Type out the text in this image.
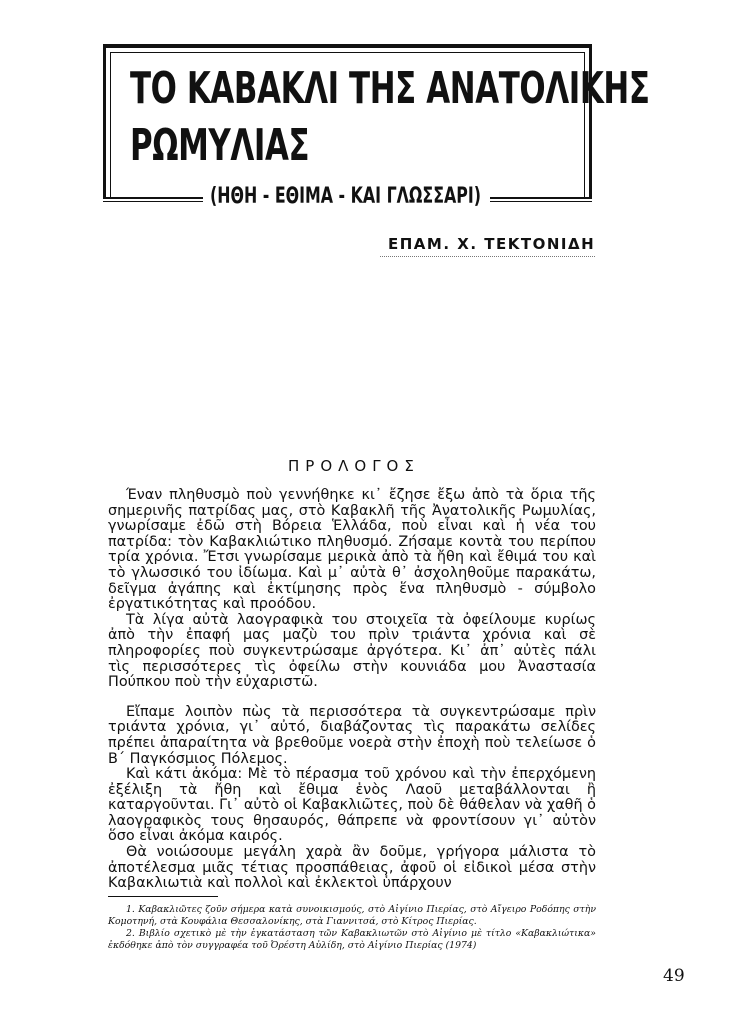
ΤΟ ΚΑΒΑΚΛΙ ΤΗΣ ΑΝΑΤΟΛΙΚΗΣ
ΡΩΜΥΛΙΑΣ
(ΗΘΗ - ΕΘΙΜΑ - ΚΑΙ ΓΛΩΣΣΑΡΙ)
ΕΠΑΜ. Χ. ΤΕΚΤΟΝΙΔΗ
ΠΡΟΛΟΓΟΣ

Έναν πληθυσμὸ ποὺ γεννήθηκε κι᾽ ἔζησε ἔξω ἀπὸ τὰ ὅρια τῆς σημερινῆς πατρίδας μας, στὸ Καβακλῆ τῆς Ἀνατολικῆς Ρωμυλίας, γνωρίσαμε ἐδῶ στὴ Βόρεια Ἑλλάδα, ποὺ εἶναι καὶ ἡ νέα του πατρίδα: τὸν Καβακλιώτικο πληθυσμό. Ζήσαμε κοντὰ του περίπου τρία χρόνια. Ἔτσι γνωρίσαμε μερικὰ ἀπὸ τὰ ἤθη καὶ ἔθιμά του καὶ τὸ γλωσσικό του ἰδίωμα. Καὶ μ᾽ αὐτὰ θ᾽ ἀσχοληθοῦμε παρακάτω, δεῖγμα ἀγάπης καὶ ἐκτίμησης πρὸς ἕνα πληθυσμὸ - σύμβολο ἐργατικότητας καὶ προόδου.

Τὰ λίγα αὐτὰ λαογραφικὰ του στοιχεῖα τὰ ὀφείλουμε κυρίως ἀπὸ τὴν ἐπαφή μας μαζὺ του πρὶν τριάντα χρόνια καὶ σὲ πληροφορίες ποὺ συγκεντρώσαμε ἀργότερα. Κι᾽ ἀπ᾽ αὐτὲς πάλι τὶς περισσότερες τὶς ὀφείλω στὴν κουνιάδα μου Ἀναστασία Πούπκου ποὺ τὴν εὐχαριστῶ.

Εἴπαμε λοιπὸν πὼς τὰ περισσότερα τὰ συγκεντρώσαμε πρὶν τριάντα χρόνια, γι᾽ αὐτό, διαβάζοντας τὶς παρακάτω σελίδες πρέπει ἀπαραίτητα νὰ βρεθοῦμε νοερὰ στὴν ἐποχὴ ποὺ τελείωσε ὁ Β΄ Παγκόσμιος Πόλεμος.

Καὶ κάτι ἀκόμα: Μὲ τὸ πέρασμα τοῦ χρόνου καὶ τὴν ἐπερχόμενη ἐξέλιξη τὰ ἤθη καὶ ἔθιμα ἑνὸς Λαοῦ μεταβάλλονται ἢ καταργοῦνται. Γι᾽ αὐτὸ οἱ Καβακλιῶτες, ποὺ δὲ θάθελαν νὰ χαθῆ ὁ λαογραφικὸς τους θησαυρός, θάπρεπε νὰ φροντίσουν γι᾽ αὐτὸν ὅσο εἶναι ἀκόμα καιρός.

Θὰ νοιώσουμε μεγάλη χαρὰ ἂν δοῦμε, γρήγορα μάλιστα τὸ ἀποτέλεσμα μιᾶς τέτιας προσπάθειας, ἀφοῦ οἱ εἰδικοὶ μέσα στὴν Καβακλιωτιὰ καὶ πολλοὶ καὶ ἐκλεκτοὶ ὑπάρχουν

1. Καβακλιῶτες ζοῦν σήμερα κατὰ συνοικισμούς, στὸ Αἰγίνιο Πιερίας, στὸ Αἴγειρο Ροδόπης στὴν Κομοτηνή, στὰ Κουφάλια Θεσσαλονίκης, στὰ Γιαννιτσά, στὸ Κίτρος Πιερίας.

2. Βιβλίο σχετικὸ μὲ τὴν ἐγκατάσταση τῶν Καβακλιωτῶν στὸ Αἰγίνιο μὲ τίτλο «Καβακλιώτικα» ἐκδόθηκε ἀπὸ τὸν συγγραφέα τοῦ Ὀρέστη Αὐλίδη, στὸ Αἰγίνιο Πιερίας (1974)

49
